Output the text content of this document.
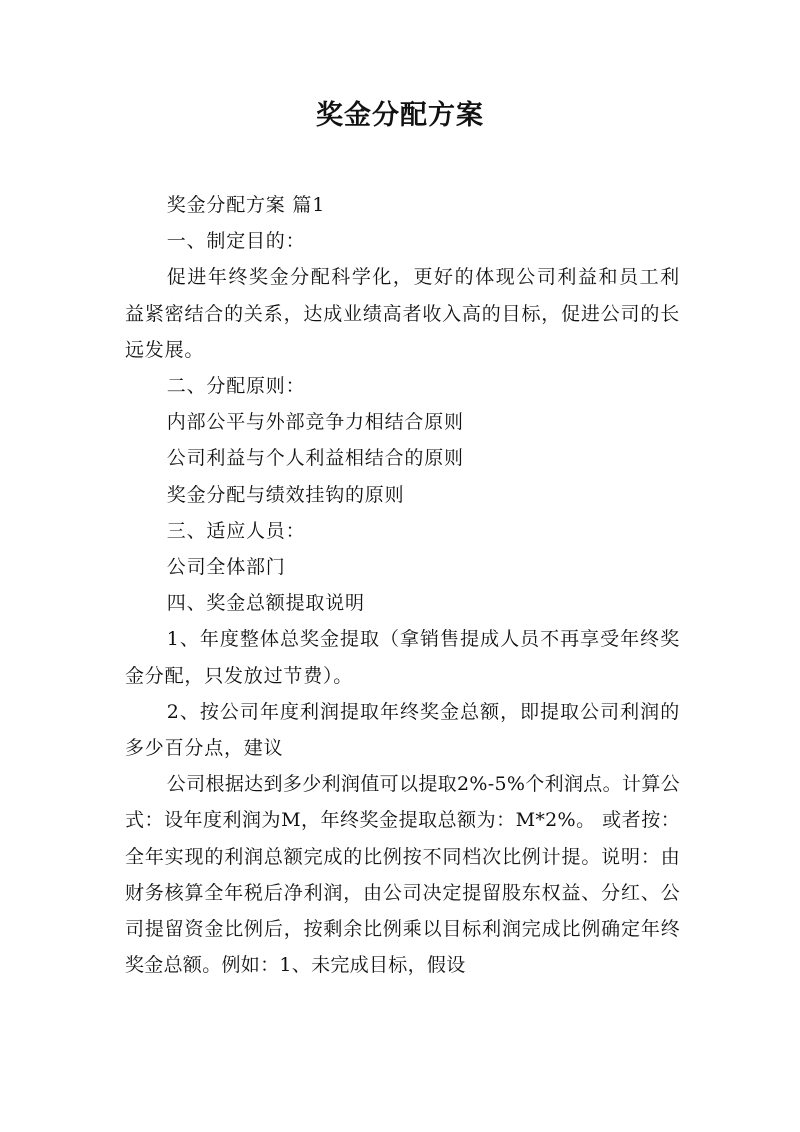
奖金分配方案

奖金分配方案 篇1

一、制定目的：

促进年终奖金分配科学化，更好的体现公司利益和员工利益紧密结合的关系，达成业绩高者收入高的目标，促进公司的长远发展。

二、分配原则：

内部公平与外部竞争力相结合原则

公司利益与个人利益相结合的原则

奖金分配与绩效挂钩的原则

三、适应人员：

公司全体部门

四、奖金总额提取说明

1、年度整体总奖金提取（拿销售提成人员不再享受年终奖金分配，只发放过节费）。

2、按公司年度利润提取年终奖金总额，即提取公司利润的多少百分点，建议

公司根据达到多少利润值可以提取2%-5%个利润点。计算公式：设年度利润为M，年终奖金提取总额为：M*2%。 或者按：全年实现的利润总额完成的比例按不同档次比例计提。说明：由财务核算全年税后净利润，由公司决定提留股东权益、分红、公司提留资金比例后，按剩余比例乘以目标利润完成比例确定年终奖金总额。例如：1、未完成目标，假设
